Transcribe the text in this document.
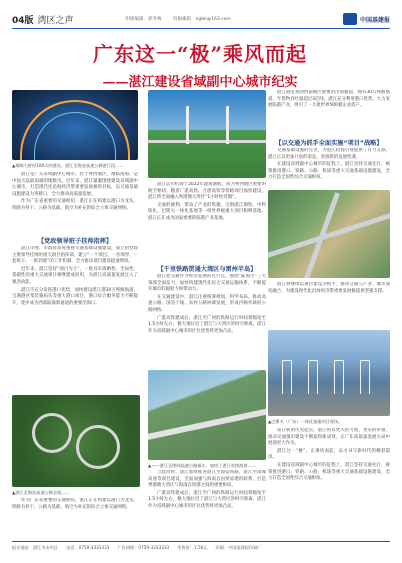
04版 湾区之声	组版编辑：郭冬梅	投稿邮箱：ngbk@163.com	中国基建报
广东这一“极”乘风而起
——湛江建设省域副中心城市纪实
▲调顺大桥经100天的建设，湛江至海安高速公路湛江段……
▲巴斯夫（广东）一体化基地项目现场。
▲——湛江至徐闻高速公路通车，加快了湛江对接海南……
▲湛江至海安高速公路全线……

湛江是广东省域副中心城市，位于粤西地区，濒临南海，是中国大陆最南端的地级市。近年来，湛江紧紧围绕建设省域副中心城市，打造现代化沿海经济带重要发展极的目标，以交通基础设施建设为突破口，全力推动高质量发展。

作为广东省重要的交通枢纽，湛江正在构建以港口为龙头、铁路为骨干、公路为基础、航空为补充的综合立体交通网络。

【党政领导班子挂帅指挥】

湛江市委、市政府高度重视交通基础设施建设，成立由党政主要领导挂帅的重大项目指挥部，建立“一个项目、一名领导、一套班子、一抓到底”的工作机制，全力推动项目建设提速增效。

近年来，湛江坚持“项目为王”，一批具有战略性、全局性、基础性的重大交通项目相继建成投用，为湛江高质量发展注入了强劲动能。

湛江市充分发挥港口优势，加快建设湛江港30万吨级航道、宝满港区集装箱码头等重大港口项目，港口综合服务能力不断提升，逐步成为西部陆海新通道的重要出海口。

作为广东省重要的交通枢纽，湛江正在构建以港口为龙头、铁路为骨干、公路为基础、航空为补充的综合立体交通网络。

湛江吴川机场于2022年建成通航，成为粤西地区重要的航空枢纽。随着广湛高铁、合湛高铁等铁路项目加快建设，湛江将全面融入粤港澳大湾区“1小时经济圈”。

交通的便利，带动了产业的集聚。宝钢湛江钢铁、中科炼化、巴斯夫一体化基地等一批世界级重大项目相继落地，湛江正在成为国家重要的临港产业基地。

【千里铁路贯通大湾区与雷州半岛】

湛江把交通作为经济发展的先行官，围绕“陆海空”三大领域全面发力，加快构建现代化综合交通运输体系，不断提升城市的辐射力和带动力。

在交通建设中，湛江注重统筹规划，科学布局，推动高速公路、国省干线、农村公路协调发展，形成内畅外联的公路网络。

广湛高铁建成后，湛江至广州的铁路运行时间将缩短至1.5小时左右，极大地拉近了湛江与大湾区的时空距离，湛江作为省域副中心城市的区位优势将更加凸显。

与此同时，湛江加快推进湛江至海安铁路、湛江至徐闻高速等项目建设，全面加强与海南自由贸易港的联系，打造粤港澳大湾区与海南自贸港之间的重要枢纽。

广湛高铁建成后，湛江至广州的铁路运行时间将缩短至1.5小时左右，极大地拉近了湛江与大湾区的时空距离，湛江作为省域副中心城市的区位优势将更加凸显。

湛江港是我国西南地区重要的出海通道，拥有30万吨级航道，年货物吞吐量超过3亿吨。湛江充分利用港口优势，大力发展临港产业，吸引了一大批世界500强企业落户。

【以交通为抓手全面实施“项目”战略】

交通基础设施的完善，为湛江招商引资提供了有力支撑。湛江正以更加开放的姿态，迎接新的发展机遇。

在建设省域副中心城市的征程上，湛江坚持交通先行，统筹推进港口、铁路、公路、机场等重大交通基础设施建设，全力打造全国性综合交通枢纽。

湛江将继续以项目建设为抓手，推动交通与产业、城市深度融合，为建设现代化沿海经济带重要发展极提供坚强支撑。

站在新的历史起点，湛江将以更大的力度、更实的举措，推动交通强市建设不断取得新成效，在广东高质量发展大局中展现更大作为。

湛江这一“极”，正乘风而起，奋力书写新时代的精彩篇章。

在建设省域副中心城市的征程上，湛江坚持交通先行，统筹推进港口、铁路、公路、机场等重大交通基础设施建设，全力打造全国性综合交通枢纽。

报社地址：湛江市赤坎区 电话：0759-3333333 广告热线：0759-3333333 零售价：1.50元 印刷：中国基建报印刷厂
